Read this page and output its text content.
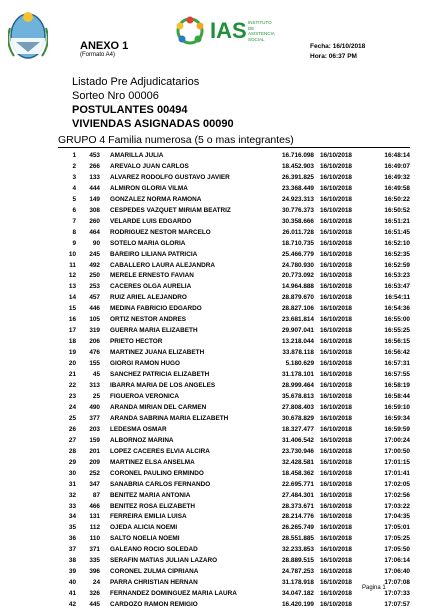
ANEXO 1
(Formato A4)
IAS INSTITUTO
DE ASISTENCIA
SOCIAL
Fecha: 16/10/2018
Hora: 06:37 PM
Listado Pre Adjudicatarios
Sorteo Nro 00006
POSTULANTES 00494
VIVIENDAS ASIGNADAS 00090
GRUPO 4 Familia numerosa (5 o mas integrantes)
1	453	AMARILLA JULIA	16.716.098	16/10/2018	16:48:14
2	266	AREVALO JUAN CARLOS	18.452.903	16/10/2018	16:49:07
3	133	ALVAREZ RODOLFO GUSTAVO JAVIER	26.391.825	16/10/2018	16:49:32
4	444	ALMIRON GLORIA VILMA	23.368.449	16/10/2018	16:49:58
5	149	GONZALEZ NORMA RAMONA	24.923.313	16/10/2018	16:50:22
6	308	CESPEDES VAZQUET MIRIAM BEATRIZ	30.776.373	16/10/2018	16:50:52
7	260	VELARDE LUIS EDGARDO	30.358.666	16/10/2018	16:51:21
8	464	RODRIGUEZ NESTOR MARCELO	26.011.728	16/10/2018	16:51:45
9	90	SOTELO MARIA GLORIA	18.710.735	16/10/2018	16:52:10
10	245	BAREIRO LILIANA PATRICIA	25.466.779	16/10/2018	16:52:35
11	492	CABALLERO LAURA ALEJANDRA	24.780.930	16/10/2018	16:52:59
12	250	MERELE ERNESTO FAVIAN	20.773.092	16/10/2018	16:53:23
13	253	CACERES OLGA AURELIA	14.964.888	16/10/2018	16:53:47
14	457	RUIZ ARIEL ALEJANDRO	28.879.670	16/10/2018	16:54:11
15	446	MEDINA FABRICIO EDGARDO	28.827.106	16/10/2018	16:54:36
16	105	ORTIZ NESTOR ANDRES	23.681.814	16/10/2018	16:55:00
17	319	GUERRA MARIA ELIZABETH	29.907.041	16/10/2018	16:55:25
18	206	PRIETO HECTOR	13.218.044	16/10/2018	16:56:15
19	476	MARTINEZ JUANA ELIZABETH	33.878.118	16/10/2018	16:56:42
20	155	GIORGI RAMON HUGO	5.180.629	16/10/2018	16:57:31
21	45	SANCHEZ PATRICIA ELIZABETH	31.178.101	16/10/2018	16:57:55
22	313	IBARRA MARIA DE LOS ANGELES	28.999.464	16/10/2018	16:58:19
23	25	FIGUEROA VERONICA	35.678.813	16/10/2018	16:58:44
24	490	ARANDA MIRIAN DEL CARMEN	27.808.403	16/10/2018	16:59:10
25	377	ARANDA SABRINA MARIA ELIZABETH	30.678.829	16/10/2018	16:59:34
26	203	LEDESMA OSMAR	18.327.477	16/10/2018	16:59:59
27	159	ALBORNOZ MARINA	31.406.542	16/10/2018	17:00:24
28	201	LOPEZ CACERES ELVIA ALCIRA	23.730.946	16/10/2018	17:00:50
29	209	MARTINEZ ELSA ANSELMA	32.428.581	16/10/2018	17:01:15
30	252	CORONEL PAULINO ERMINDO	18.458.362	16/10/2018	17:01:41
31	347	SANABRIA CARLOS FERNANDO	22.695.771	16/10/2018	17:02:05
32	87	BENITEZ MARIA ANTONIA	27.484.301	16/10/2018	17:02:56
33	466	BENITEZ ROSA ELIZABETH	28.373.671	16/10/2018	17:03:22
34	131	FERREIRA EMILIA LUISA	28.214.776	16/10/2018	17:04:35
35	112	OJEDA ALICIA NOEMI	26.265.749	16/10/2018	17:05:01
36	110	SALTO NOELIA NOEMI	28.551.885	16/10/2018	17:05:25
37	371	GALEANO ROCIO SOLEDAD	32.233.853	16/10/2018	17:05:50
38	335	SERAFIN MATIAS JULIAN LAZARO	28.889.515	16/10/2018	17:06:14
39	396	CORONEL ZULMA CIPRIANA	24.787.253	16/10/2018	17:06:40
40	24	PARRA CHRISTIAN HERNAN	31.178.918	16/10/2018	17:07:08
41	326	FERNANDEZ DOMINGUEZ MARIA LAURA	34.047.182	16/10/2018	17:07:33
42	445	CARDOZO RAMON REMIGIO	16.420.199	16/10/2018	17:07:57
Pagina 1
